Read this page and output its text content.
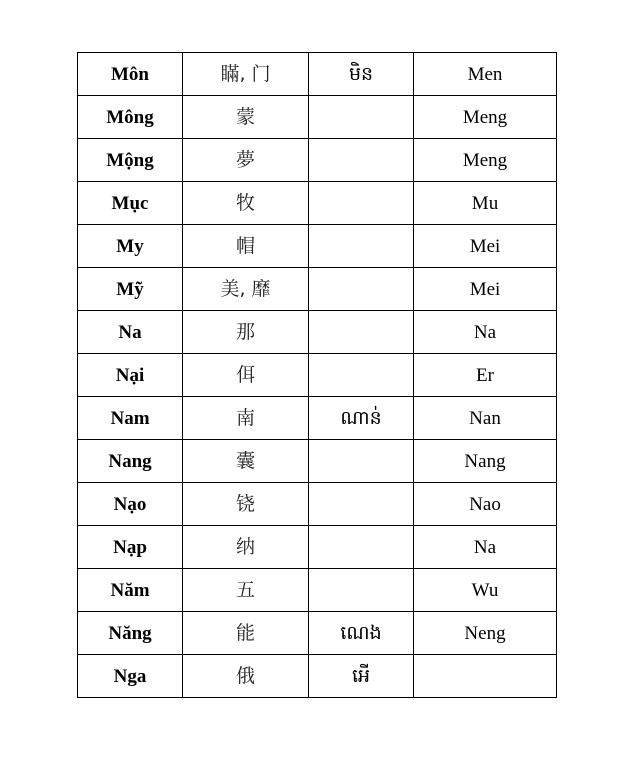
Môn	瞞, 门	មិន	Men
Mông	蒙		Meng
Mộng	夢		Meng
Mục	牧		Mu
My	帽		Mei
Mỹ	美, 靡		Mei
Na	那		Na
Nại	佴		Er
Nam	南	ណាន់	Nan
Nang	囊		Nang
Nạo	铙		Nao
Nạp	纳		Na
Năm	五		Wu
Năng	能	ណេង	Neng
Nga	俄	អើ	
